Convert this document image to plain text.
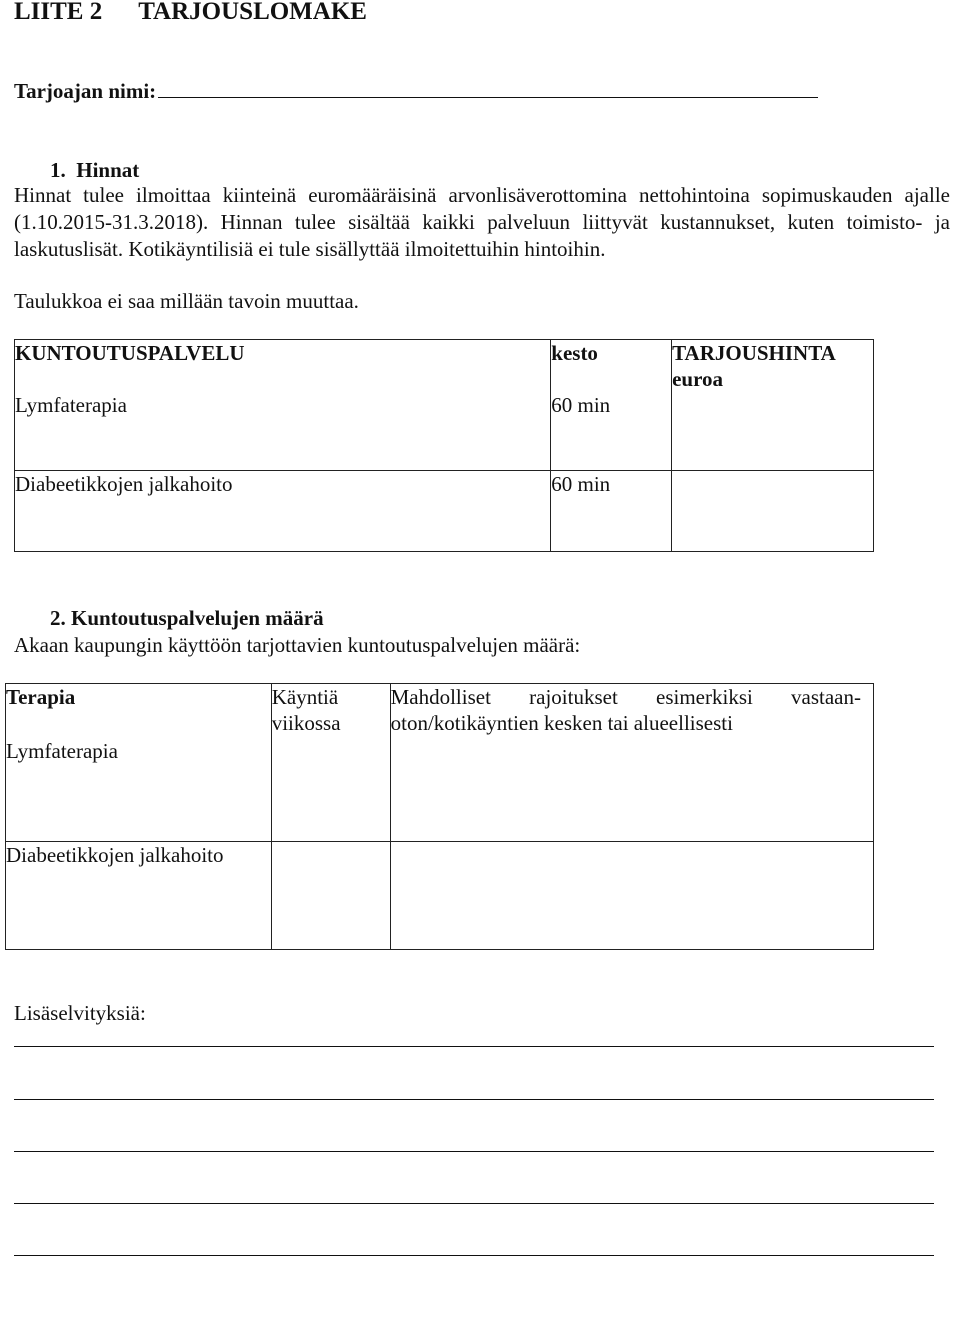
LIITE 2 TARJOUSLOMAKE
Tarjoajan nimi:
1. Hinnat
Hinnat tulee ilmoittaa kiinteinä euromääräisinä arvonlisäverottomina nettohintoina sopimuskauden ajalle (1.10.2015-31.3.2018). Hinnan tulee sisältää kaikki palveluun liittyvät kustannukset, kuten toimisto- ja laskutuslisät. Kotikäyntilisiä ei tule sisällyttää ilmoitettuihin hintoihin.
Taulukkoa ei saa millään tavoin muuttaa.
KUNTOUTUSPALVELU	kesto	TARJOUSHINTA euroa
Lymfaterapia	60 min	
Diabeetikkojen jalkahoito	60 min	
2. Kuntoutuspalvelujen määrä
Akaan kaupungin käyttöön tarjottavien kuntoutuspalvelujen määrä:
Terapia	Käyntiä viikossa	Mahdolliset rajoitukset esimerkiksi vastaan-oton/kotikäyntien kesken tai alueellisesti
Lymfaterapia		
Diabeetikkojen jalkahoito		
Lisäselvityksiä:
